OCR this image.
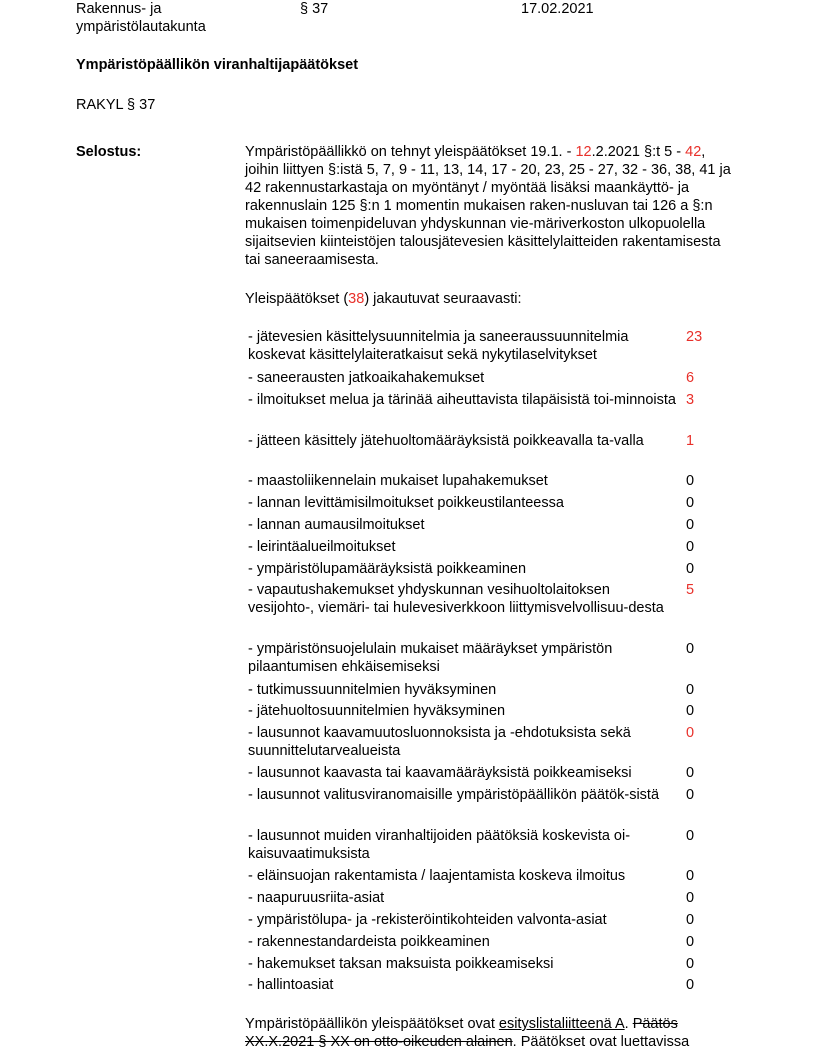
Rakennus- ja ympäristölautakunta
§ 37	17.02.2021
Ympäristöpäällikön viranhaltijapäätökset
RAKYL § 37
Selostus:	Ympäristöpäällikkö on tehnyt yleispäätökset 19.1. - 12.2.2021 §:t 5 - 42, joihin liittyen §:istä 5, 7, 9 - 11, 13, 14, 17 - 20, 23, 25 - 27, 32 - 36, 38, 41 ja 42 rakennustarkastaja on myöntänyt / myöntää lisäksi maankäyttö- ja rakennuslain 125 §:n 1 momentin mukaisen raken-nusluvan tai 126 a §:n mukaisen toimenpideluvan yhdyskunnan vie-märiverkoston ulkopuolella sijaitsevien kiinteistöjen talousjätevesien käsittelylaitteiden rakentamisesta tai saneeraamisesta.
Yleispäätökset (38) jakautuvat seuraavasti:
- jätevesien käsittelysuunnitelmia ja saneeraussuunnitelmia koskevat käsittelylaiteratkaisut sekä nykytilaselvitykset
23
- saneerausten jatkoaikahakemukset	6
- ilmoitukset melua ja tärinää aiheuttavista tilapäisistä toi-minnoista 3
- jätteen käsittely jätehuoltomääräyksistä poikkeavalla ta-valla	1
- maastoliikennelain mukaiset lupahakemukset	0
- lannan levittämisilmoitukset poikkeustilanteessa	0
- lannan aumausilmoitukset	0
- leirintäalueilmoitukset	0
- ympäristölupamääräyksistä poikkeaminen	0
- vapautushakemukset yhdyskunnan vesihuoltolaitoksen vesijohto-, viemäri- tai hulevesiverkkoon liittymisvelvollisuu-desta
5
- ympäristönsuojelulain mukaiset määräykset ympäristön pilaantumisen ehkäisemiseksi
0
- tutkimussuunnitelmien hyväksyminen	0
- jätehuoltosuunnitelmien hyväksyminen	0
- lausunnot kaavamuutosluonnoksista ja -ehdotuksista sekä suunnittelutarvealueista
0
- lausunnot kaavasta tai kaavamääräyksistä poikkeamiseksi	0
- lausunnot valitusviranomaisille ympäristöpäällikön päätök-sistä	0
- lausunnot muiden viranhaltijoiden päätöksiä koskevista oi-kaisuvaatimuksista
0
- eläinsuojan rakentamista / laajentamista koskeva ilmoitus	0
- naapuruusriita-asiat	0
- ympäristölupa- ja -rekisteröintikohteiden valvonta-asiat	0
- rakennestandardeista poikkeaminen	0
- hakemukset taksan maksuista poikkeamiseksi	0
- hallintoasiat	0
Ympäristöpäällikön yleispäätökset ovat esityslistaliitteenä A. Päätös XX.X.2021 § XX on otto-oikeuden alainen. Päätökset ovat luettavissa
